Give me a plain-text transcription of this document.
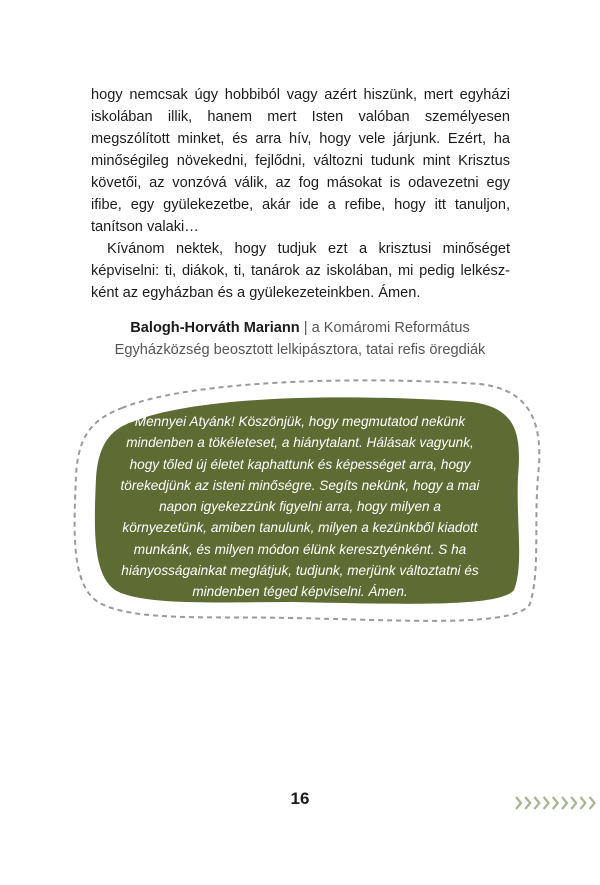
hogy nemcsak úgy hobbiból vagy azért hiszünk, mert egyházi iskolában illik, hanem mert Isten valóban személyesen megszólított minket, és arra hív, hogy vele járjunk. Ezért, ha minőségileg növekedni, fejlődni, változni tudunk mint Krisztus követői, az vonzóvá válik, az fog másokat is odavezetni egy ifibe, egy gyülekezetbe, akár ide a refibe, hogy itt tanuljon, tanítson valaki…

Kívánom nektek, hogy tudjuk ezt a krisztusi minőséget képviselni: ti, diákok, ti, tanárok az iskolában, mi pedig lelkészként az egyházban és a gyülekezeteinkben. Ámen.

Balogh-Horváth Mariann | a Komáromi Református
Egyházközség beosztott lelkipásztora, tatai refis öregdiák

Mennyei Atyánk! Köszönjük, hogy megmutatod nekünk mindenben a tökéleteset, a hiánytalant. Hálásak vagyunk, hogy tőled új életet kaphattunk és képességet arra, hogy törekedjünk az isteni minőségre. Segíts nekünk, hogy a mai napon igyekezzünk figyelni arra, hogy milyen a környezetünk, amiben tanulunk, milyen a kezünkből kiadott munkánk, és milyen módon élünk keresztyénként. S ha hiányosságainkat meglátjuk, tudjunk, merjünk változtatni és mindenben téged képviselni. Ámen.

16
